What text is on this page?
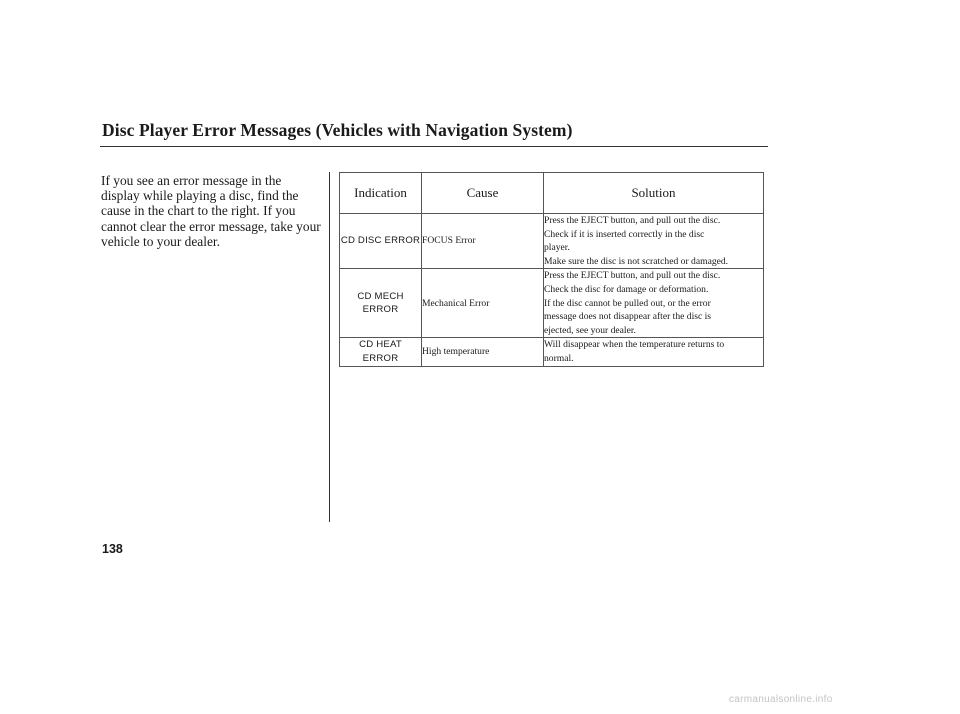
Disc Player Error Messages (Vehicles with Navigation System)
If you see an error message in the display while playing a disc, find the cause in the chart to the right. If you cannot clear the error message, take your vehicle to your dealer.
Indication	Cause	Solution
CD DISC ERROR	FOCUS Error	Press the EJECT button, and pull out the disc.
Check if it is inserted correctly in the disc
player.
Make sure the disc is not scratched or damaged.

CD MECH ERROR	Mechanical Error	Press the EJECT button, and pull out the disc.
Check the disc for damage or deformation.
If the disc cannot be pulled out, or the error
message does not disappear after the disc is
ejected, see your dealer.

CD HEAT ERROR	High temperature	Will disappear when the temperature returns to
normal.
138
carmanualsonline.info
